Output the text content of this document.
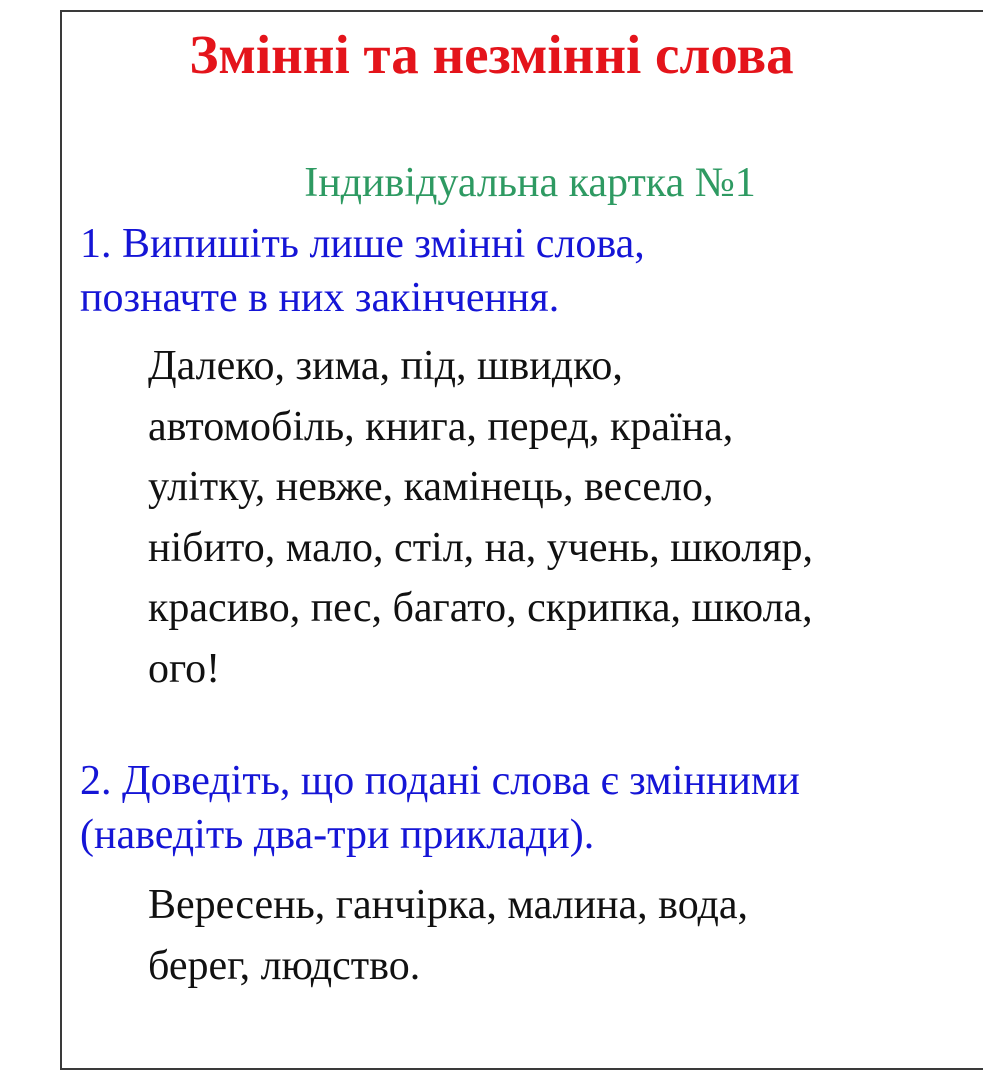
Змінні та незмінні слова
Індивідуальна картка №1
1. Випишіть лише змінні слова,
позначте в них закінчення.
Далеко, зима, під, швидко,
автомобіль, книга, перед, країна,
улітку, невже, камінець, весело,
нібито, мало, стіл, на, учень, школяр,
красиво, пес, багато, скрипка, школа,
ого!
2. Доведіть, що подані слова є змінними
(наведіть два-три приклади).
Вересень, ганчірка, малина, вода,
берег, людство.
